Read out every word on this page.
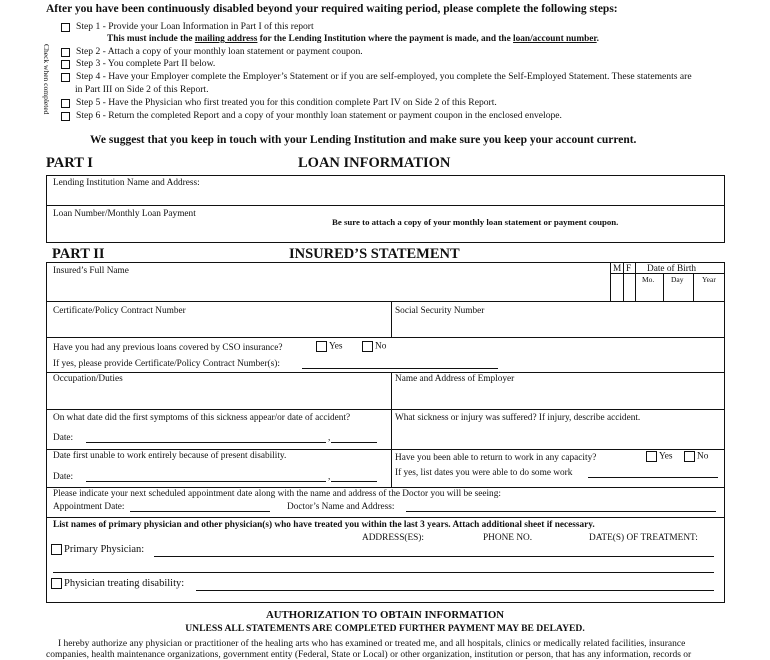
After you have been continuously disabled beyond your required waiting period, please complete the following steps:
Check when completed
Step 1 - Provide your Loan Information in Part I of this report
This must include the mailing address for the Lending Institution where the payment is made, and the loan/account number.
Step 2 - Attach a copy of your monthly loan statement or payment coupon.
Step 3 - You complete Part II below.
Step 4 - Have your Employer complete the Employer’s Statement or if you are self-employed, you complete the Self-Employed Statement. These statements are
in Part III on Side 2 of this Report.
Step 5 - Have the Physician who first treated you for this condition complete Part IV on Side 2 of this Report.
Step 6 - Return the completed Report and a copy of your monthly loan statement or payment coupon in the enclosed envelope.
We suggest that you keep in touch with your Lending Institution and make sure you keep your account current.
PART I	LOAN INFORMATION
Lending Institution Name and Address:
Loan Number/Monthly Loan Payment
Be sure to attach a copy of your monthly loan statement or payment coupon.
PART II	INSURED’S STATEMENT
Insured’s Full Name	M F Date of Birth
Mo. Day Year
Certificate/Policy Contract Number	Social Security Number
Have you had any previous loans covered by CSO insurance?	Yes	No
If yes, please provide Certificate/Policy Contract Number(s):
Occupation/Duties	Name and Address of Employer
On what date did the first symptoms of this sickness appear/or date of accident?	What sickness or injury was suffered? If injury, describe accident.
Date:	,
Date first unable to work entirely because of present disability.	Have you been able to return to work in any capacity?	Yes	No
Date:	,	If yes, list dates you were able to do some work
Please indicate your next scheduled appointment date along with the name and address of the Doctor you will be seeing:
Appointment Date:	Doctor’s Name and Address:
List names of primary physician and other physician(s) who have treated you within the last 3 years. Attach additional sheet if necessary.
ADDRESS(ES):	PHONE NO.	DATE(S) OF TREATMENT:
Primary Physician:
Physician treating disability:
AUTHORIZATION TO OBTAIN INFORMATION
UNLESS ALL STATEMENTS ARE COMPLETED FURTHER PAYMENT MAY BE DELAYED.
I hereby authorize any physician or practitioner of the healing arts who has examined or treated me, and all hospitals, clinics or medically related facilities, insurance
companies, health maintenance organizations, government entity (Federal, State or Local) or other organization, institution or person, that has any information, records or
